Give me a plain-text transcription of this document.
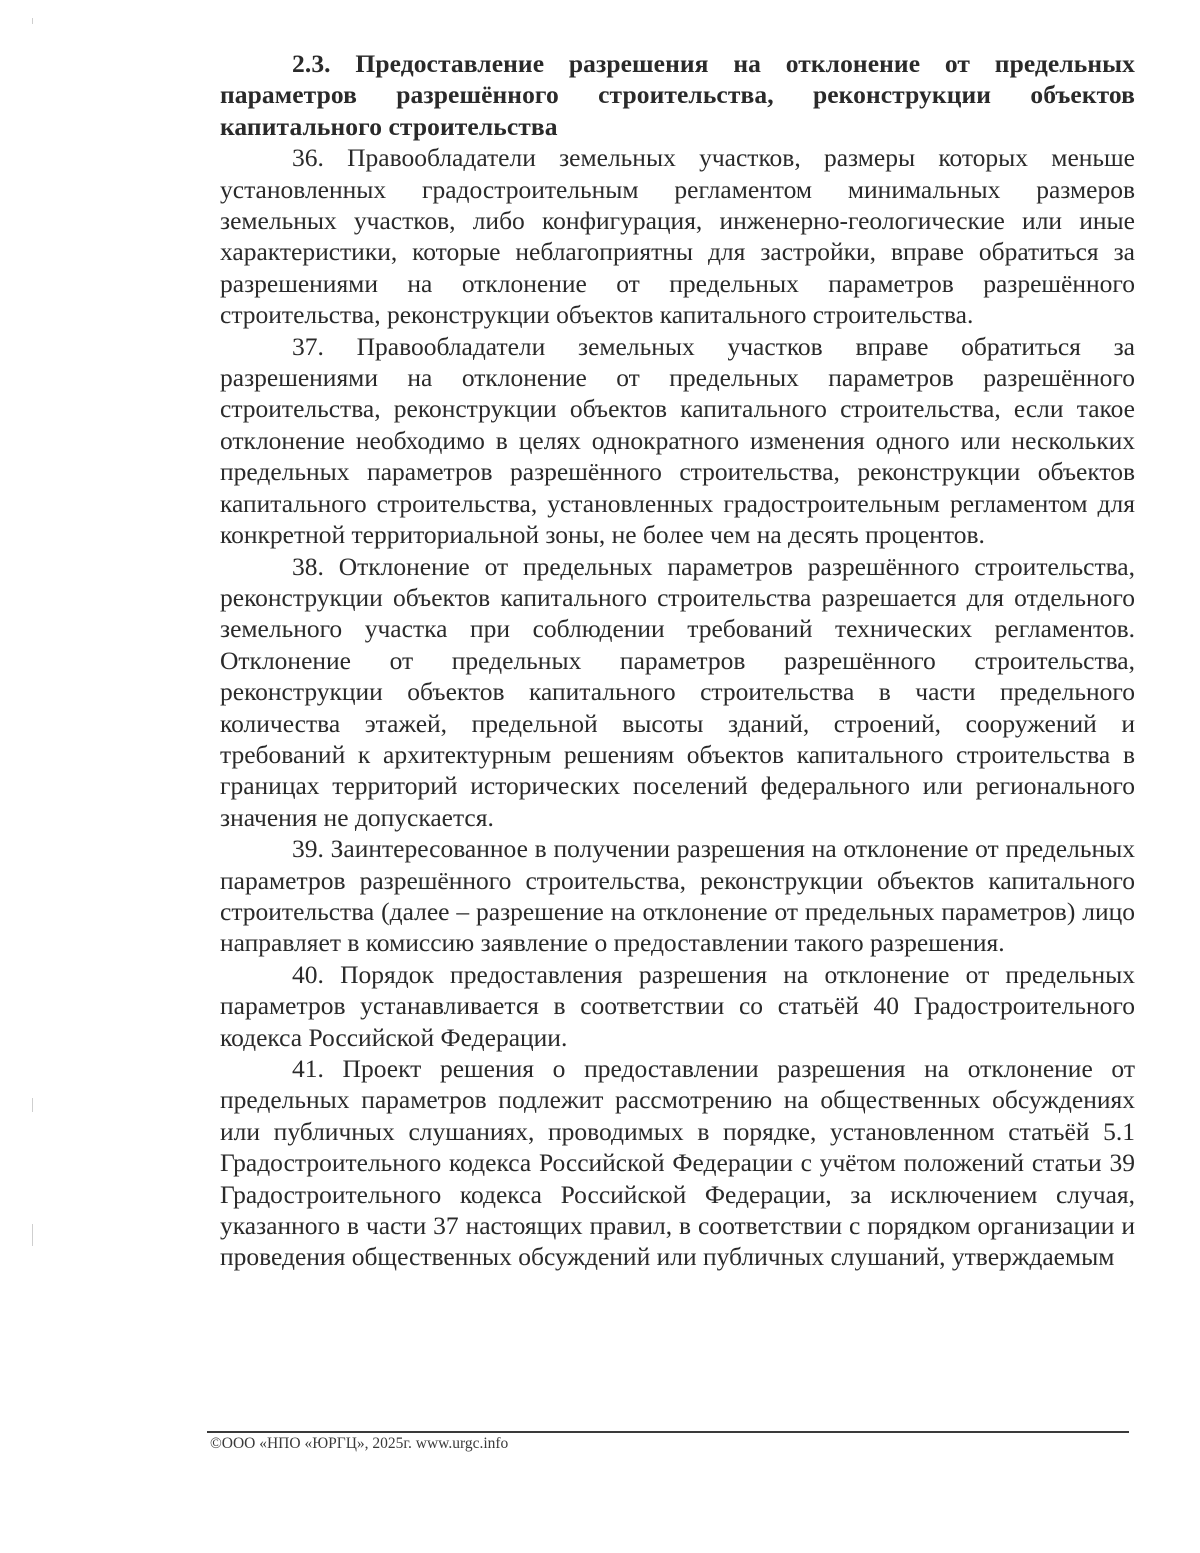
2.3. Предоставление разрешения на отклонение от предельных параметров разрешённого строительства, реконструкции объектов капитального строительства

36. Правообладатели земельных участков, размеры которых меньше установленных градостроительным регламентом минимальных размеров земельных участков, либо конфигурация, инженерно-геологические или иные характеристики, которые неблагоприятны для застройки, вправе обратиться за разрешениями на отклонение от предельных параметров разрешённого строительства, реконструкции объектов капитального строительства.

37. Правообладатели земельных участков вправе обратиться за разрешениями на отклонение от предельных параметров разрешённого строительства, реконструкции объектов капитального строительства, если такое отклонение необходимо в целях однократного изменения одного или нескольких предельных параметров разрешённого строительства, реконструкции объектов капитального строительства, установленных градостроительным регламентом для конкретной территориальной зоны, не более чем на десять процентов.

38. Отклонение от предельных параметров разрешённого строительства, реконструкции объектов капитального строительства разрешается для отдельного земельного участка при соблюдении требований технических регламентов. Отклонение от предельных параметров разрешённого строительства, реконструкции объектов капитального строительства в части предельного количества этажей, предельной высоты зданий, строений, сооружений и требований к архитектурным решениям объектов капитального строительства в границах территорий исторических поселений федерального или регионального значения не допускается.

39. Заинтересованное в получении разрешения на отклонение от предельных параметров разрешённого строительства, реконструкции объектов капитального строительства (далее – разрешение на отклонение от предельных параметров) лицо направляет в комиссию заявление о предоставлении такого разрешения.

40. Порядок предоставления разрешения на отклонение от предельных параметров устанавливается в соответствии со статьёй 40 Градостроительного кодекса Российской Федерации.

41. Проект решения о предоставлении разрешения на отклонение от предельных параметров подлежит рассмотрению на общественных обсуждениях или публичных слушаниях, проводимых в порядке, установленном статьёй 5.1 Градостроительного кодекса Российской Федерации с учётом положений статьи 39 Градостроительного кодекса Российской Федерации, за исключением случая, указанного в части 37 настоящих правил, в соответствии с порядком организации и проведения общественных обсуждений или публичных слушаний, утверждаемым

©ООО «НПО «ЮРГЦ», 2025г. www.urgc.info
